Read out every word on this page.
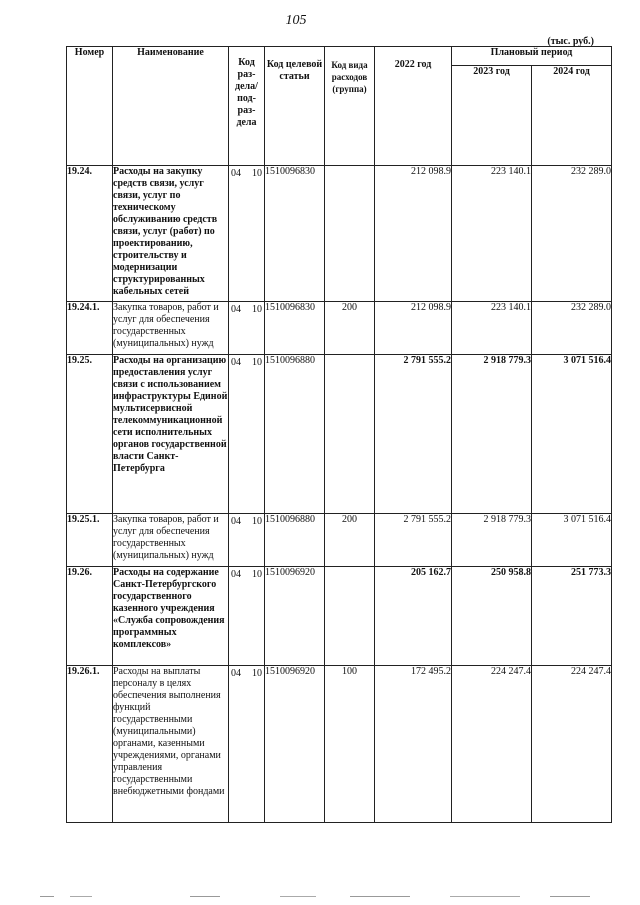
105
(тыс. руб.)
Номер	Наименование	Код раз-дела/ под-раз-дела	Код целевой статьи	Код вида расходов (группа)	2022 год	Плановый период	
						2023 год	2024 год
19.24.	Расходы на закупку средств связи, услуг связи, услуг по техническому обслуживанию средств связи, услуг (работ) по проектированию, строительству и модернизации структурированных кабельных сетей	04 10	1510096830		212 098.9	223 140.1	232 289.0
19.24.1.	Закупка товаров, работ и услуг для обеспечения государственных (муниципальных) нужд	04 10	1510096830	200	212 098.9	223 140.1	232 289.0
19.25.	Расходы на организацию предоставления услуг связи с использованием инфраструктуры Единой мультисервисной телекоммуникационной сети исполнительных органов государственной власти Санкт-Петербурга	04 10	1510096880		2 791 555.2	2 918 779.3	3 071 516.4
19.25.1.	Закупка товаров, работ и услуг для обеспечения государственных (муниципальных) нужд	04 10	1510096880	200	2 791 555.2	2 918 779.3	3 071 516.4
19.26.	Расходы на содержание Санкт-Петербургского государственного казенного учреждения «Служба сопровождения программных комплексов»	04 10	1510096920		205 162.7	250 958.8	251 773.3
19.26.1.	Расходы на выплаты персоналу в целях обеспечения выполнения функций государственными (муниципальными) органами, казенными учреждениями, органами управления государственными внебюджетными фондами	04 10	1510096920	100	172 495.2	224 247.4	224 247.4
